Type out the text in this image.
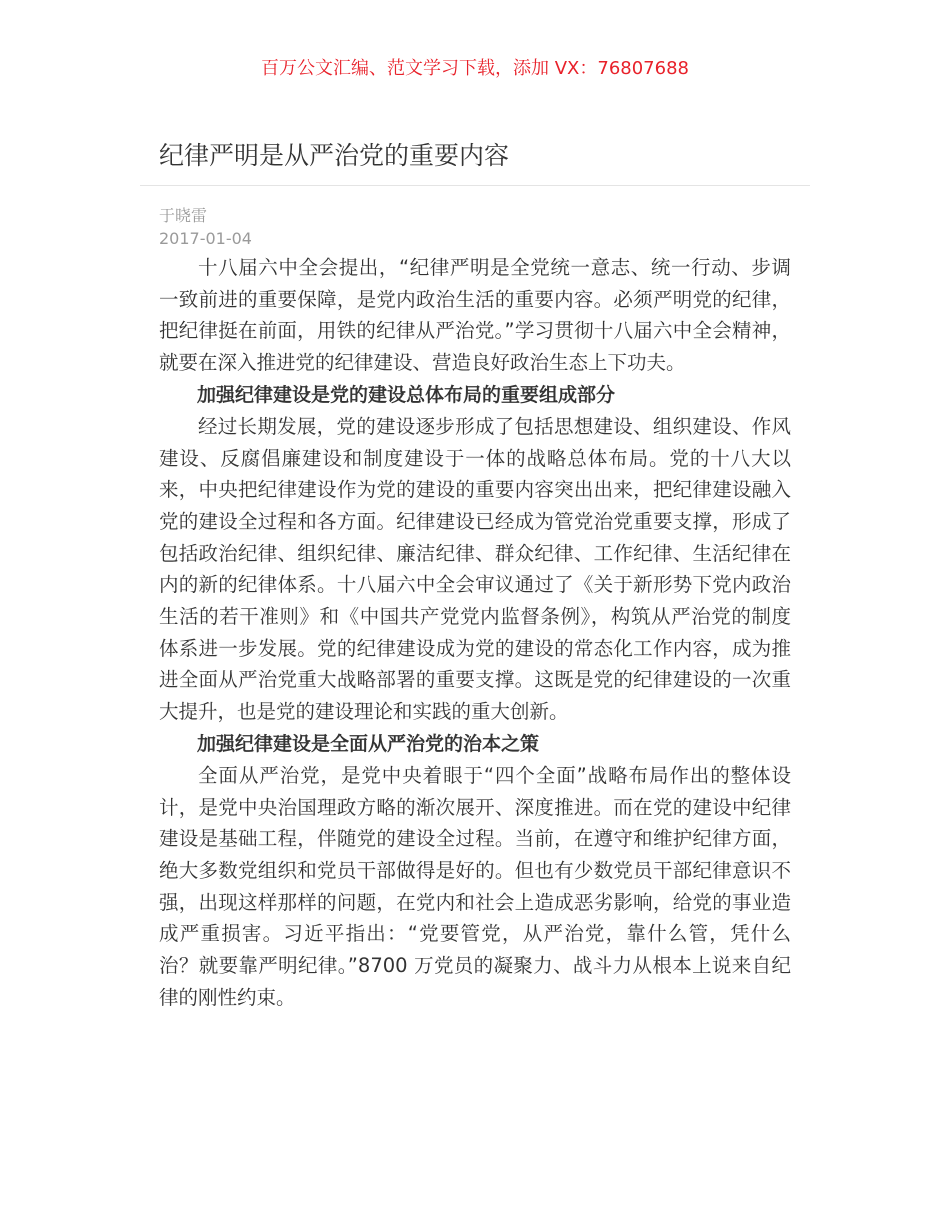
百万公文汇编、范文学习下载，添加 VX：76807688
纪律严明是从严治党的重要内容
于晓雷
2017-01-04

十八届六中全会提出，“纪律严明是全党统一意志、统一行动、步调一致前进的重要保障，是党内政治生活的重要内容。必须严明党的纪律，把纪律挺在前面，用铁的纪律从严治党。”学习贯彻十八届六中全会精神，就要在深入推进党的纪律建设、营造良好政治生态上下功夫。

加强纪律建设是党的建设总体布局的重要组成部分

经过长期发展，党的建设逐步形成了包括思想建设、组织建设、作风建设、反腐倡廉建设和制度建设于一体的战略总体布局。党的十八大以来，中央把纪律建设作为党的建设的重要内容突出出来，把纪律建设融入党的建设全过程和各方面。纪律建设已经成为管党治党重要支撑，形成了包括政治纪律、组织纪律、廉洁纪律、群众纪律、工作纪律、生活纪律在内的新的纪律体系。十八届六中全会审议通过了《关于新形势下党内政治生活的若干准则》和《中国共产党党内监督条例》，构筑从严治党的制度体系进一步发展。党的纪律建设成为党的建设的常态化工作内容，成为推进全面从严治党重大战略部署的重要支撑。这既是党的纪律建设的一次重大提升，也是党的建设理论和实践的重大创新。

加强纪律建设是全面从严治党的治本之策

全面从严治党，是党中央着眼于“四个全面”战略布局作出的整体设计，是党中央治国理政方略的渐次展开、深度推进。而在党的建设中纪律建设是基础工程，伴随党的建设全过程。当前，在遵守和维护纪律方面，绝大多数党组织和党员干部做得是好的。但也有少数党员干部纪律意识不强，出现这样那样的问题，在党内和社会上造成恶劣影响，给党的事业造成严重损害。习近平指出：“党要管党，从严治党，靠什么管，凭什么治？就要靠严明纪律。”8700 万党员的凝聚力、战斗力从根本上说来自纪律的刚性约束。
